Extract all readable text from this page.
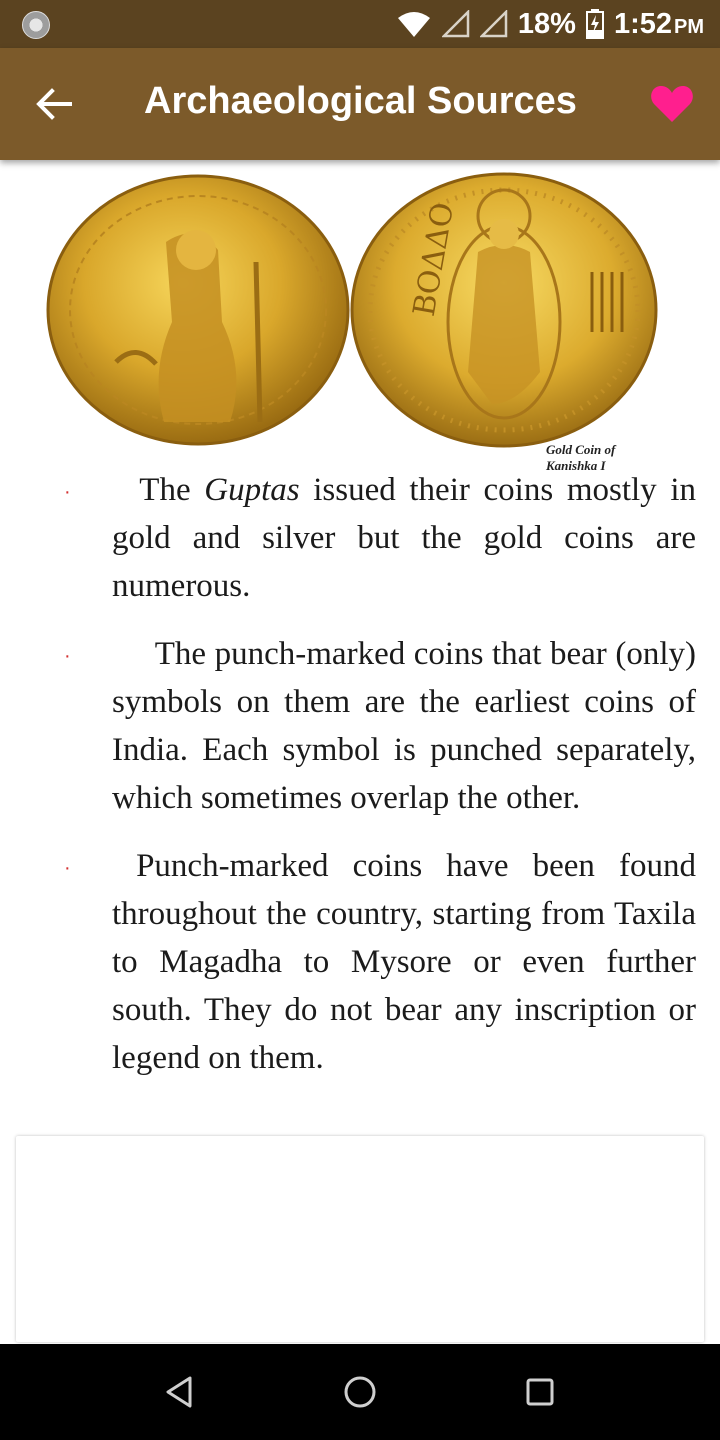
18% 1:52 PM
Archaeological Sources
ΒΟΔΔΟ
Gold Coin of Kanishka I
·	The Guptas issued their coins mostly in gold and silver but the gold coins are numerous.
·	The punch-marked coins that bear (only) symbols on them are the earliest coins of India. Each symbol is punched separately, which sometimes overlap the other.
·	Punch-marked coins have been found throughout the country, starting from Taxila to Magadha to Mysore or even further south. They do not bear any inscription or legend on them.
